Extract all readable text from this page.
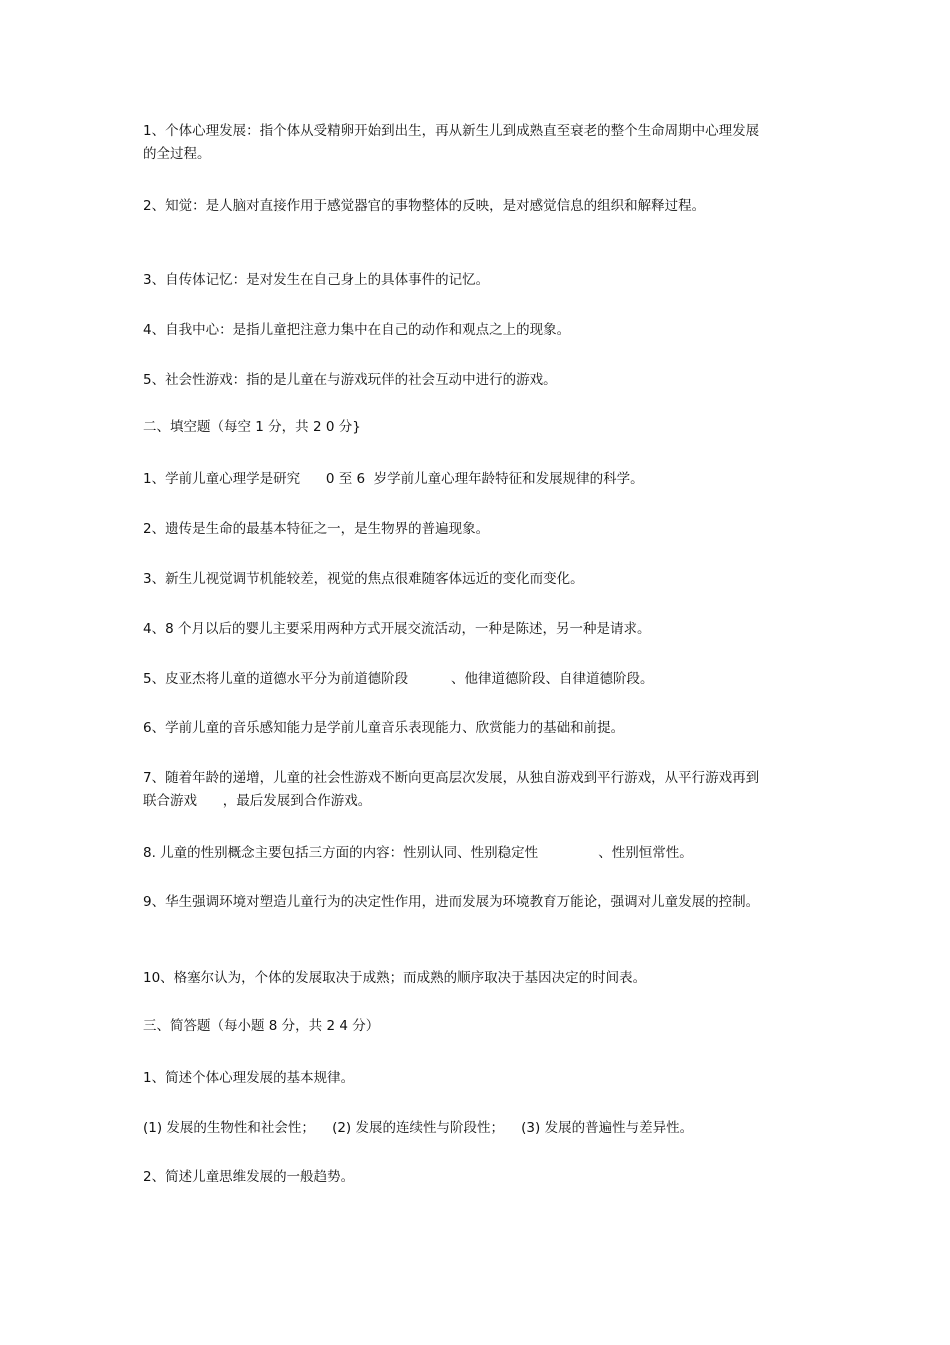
1、个体心理发展：指个体从受精卵开始到出生，再从新生儿到成熟直至衰老的整个生命周期中心理发展的全过程。

2、知觉：是人脑对直接作用于感觉器官的事物整体的反映，是对感觉信息的组织和解释过程。

3、自传体记忆：是对发生在自己身上的具体事件的记忆。

4、自我中心：是指儿童把注意力集中在自己的动作和观点之上的现象。

5、社会性游戏：指的是儿童在与游戏玩伴的社会互动中进行的游戏。

二、填空题（每空 1 分，共 2 0 分}

1、学前儿童心理学是研究      0 至 6  岁学前儿童心理年龄特征和发展规律的科学。

2、遗传是生命的最基本特征之一，是生物界的普遍现象。

3、新生儿视觉调节机能较差，视觉的焦点很难随客体远近的变化而变化。

4、8 个月以后的婴儿主要采用两种方式开展交流活动，一种是陈述，另一种是请求。

5、皮亚杰将儿童的道德水平分为前道德阶段          、他律道德阶段、自律道德阶段。

6、学前儿童的音乐感知能力是学前儿童音乐表现能力、欣赏能力的基础和前提。

7、随着年龄的递增，儿童的社会性游戏不断向更高层次发展，从独自游戏到平行游戏，从平行游戏再到联合游戏      ，最后发展到合作游戏。

8. 儿童的性别概念主要包括三方面的内容：性别认同、性别稳定性              、性别恒常性。

9、华生强调环境对塑造儿童行为的决定性作用，进而发展为环境教育万能论，强调对儿童发展的控制。

10、格塞尔认为，个体的发展取决于成熟；而成熟的顺序取决于基因决定的时间表。

三、简答题（每小题 8 分，共 2 4 分）

1、简述个体心理发展的基本规律。

(1) 发展的生物性和社会性；    (2) 发展的连续性与阶段性；    (3) 发展的普遍性与差异性。

2、简述儿童思维发展的一般趋势。
